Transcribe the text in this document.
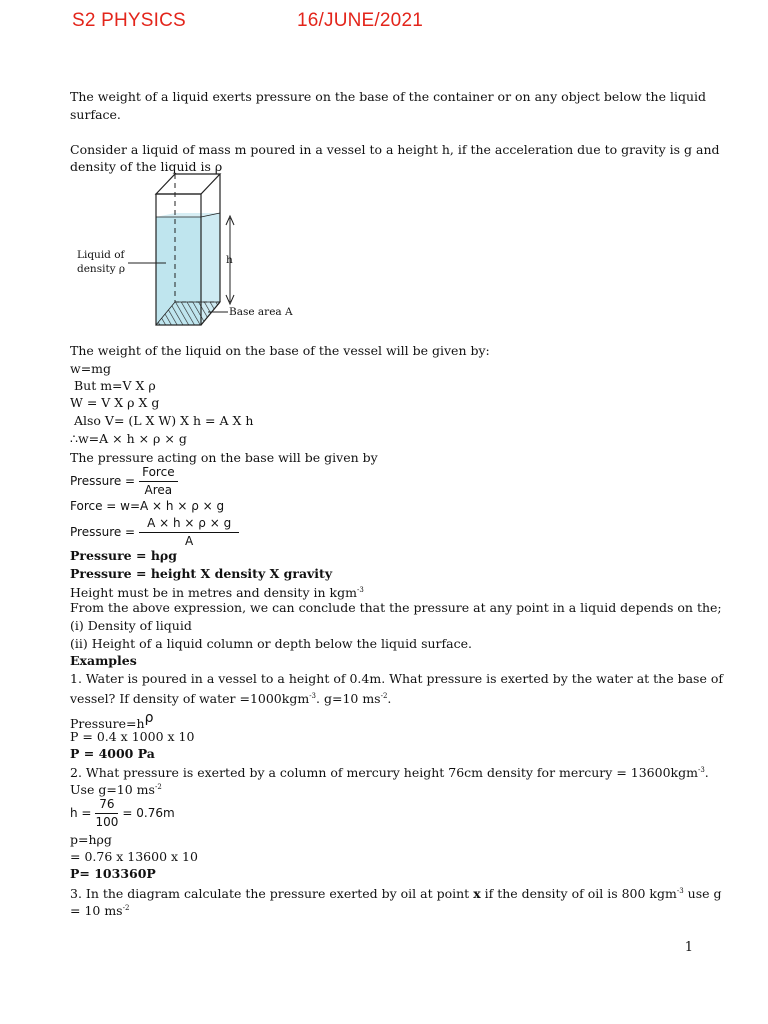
S2 PHYSICS	16/JUNE/2021
The weight of a liquid exerts pressure on the base of the container or on any object below the liquid
surface.
Consider a liquid of mass m poured in a vessel to a height h, if the acceleration due to gravity is g and
density of the liquid is ρ
Liquid of
density ρ
h
Base area A
The weight of the liquid on the base of the vessel will be given by:
w=mg
But m=V X ρ
W = V X ρ X g
Also V= (L X W) X h = A X h
∴w=A × h × ρ × g
The pressure acting on the base will be given by
Pressure = $\frac{\text{Force}}{\text{Area}}$
Force = w=A × h × ρ × g
Pressure = $\frac{A \times h \times \rho \times g}{A}$
Pressure = hρg
Pressure = height X density X gravity
Height must be in metres and density in kgm$^{-3}$
From the above expression, we can conclude that the pressure at any point in a liquid depends on the;
(i) Density of liquid
(ii) Height of a liquid column or depth below the liquid surface.
Examples
1. Water is poured in a vessel to a height of 0.4m. What pressure is exerted by the water at the base of
vessel? If density of water =1000kgm$^{-3}$. g=10 $ms^{-2}$.
Pressure=hρ
P = 0.4 x 1000 x 10
P = 4000 Pa
2. What pressure is exerted by a column of mercury height 76cm density for mercury = 13600kgm$^{-3}$.
Use g=10 $ms^{-2}$
$h = \frac{76}{100} = 0.76m$
p=hρg
= 0.76 x 13600 x 10
P= 103360P
3. In the diagram calculate the pressure exerted by oil at point x if the density of oil is 800 kgm$^{-3}$ use g
= 10 $ms^{-2}$
1
